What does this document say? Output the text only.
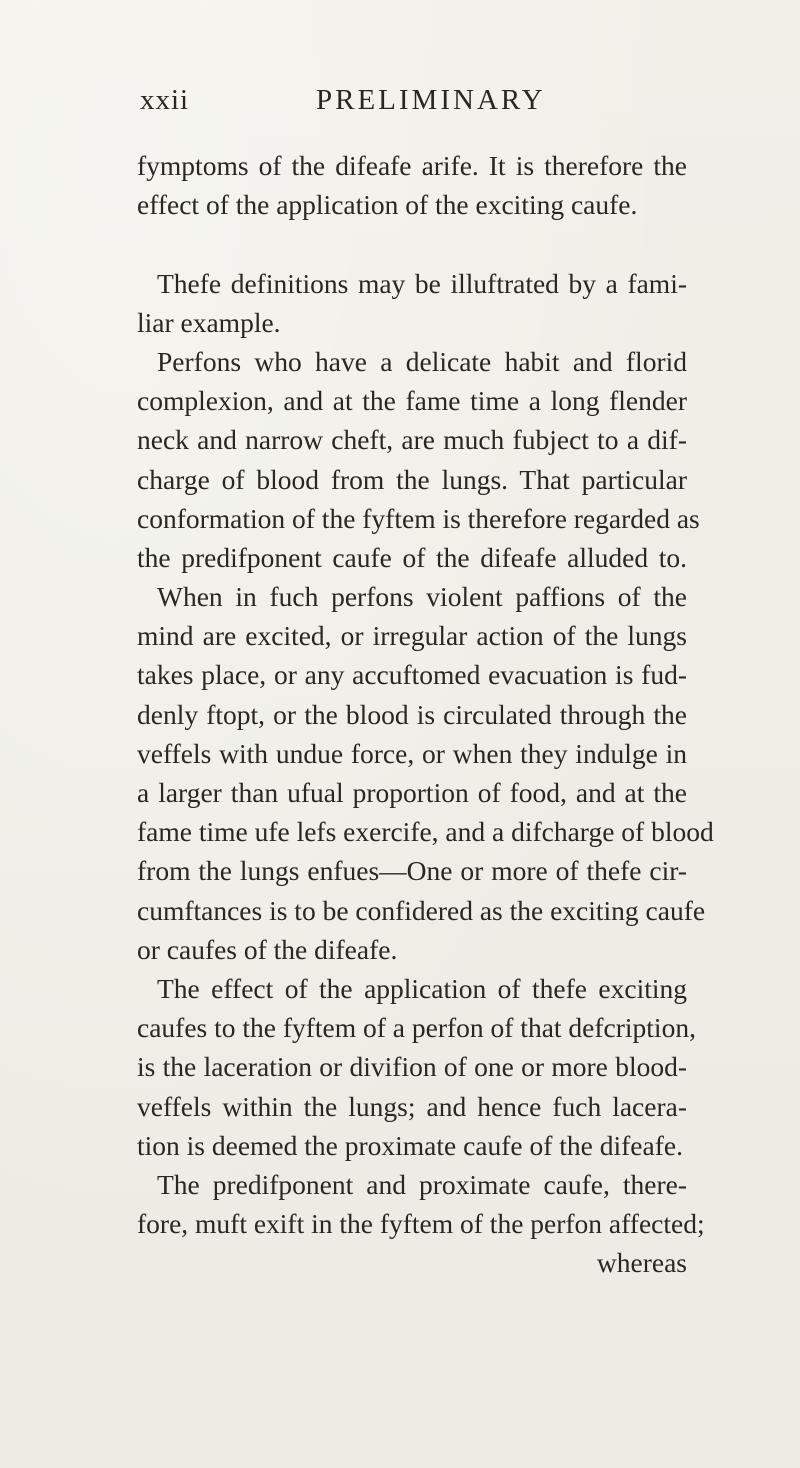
xxii	PRELIMINARY
fymptoms of the difeafe arife. It is therefore the
effect of the application of the exciting caufe.
Thefe definitions may be illuftrated by a fami-
liar example.
Perfons who have a delicate habit and florid
complexion, and at the fame time a long flender
neck and narrow cheft, are much fubject to a dif-
charge of blood from the lungs. That particular
conformation of the fyftem is therefore regarded as
the predifponent caufe of the difeafe alluded to.
When in fuch perfons violent paffions of the
mind are excited, or irregular action of the lungs
takes place, or any accuftomed evacuation is fud-
denly ftopt, or the blood is circulated through the
veffels with undue force, or when they indulge in
a larger than ufual proportion of food, and at the
fame time ufe lefs exercife, and a difcharge of blood
from the lungs enfues—One or more of thefe cir-
cumftances is to be confidered as the exciting caufe
or caufes of the difeafe.
The effect of the application of thefe exciting
caufes to the fyftem of a perfon of that defcription,
is the laceration or divifion of one or more blood-
veffels within the lungs; and hence fuch lacera-
tion is deemed the proximate caufe of the difeafe.
The predifponent and proximate caufe, there-
fore, muft exift in the fyftem of the perfon affected;
whereas
